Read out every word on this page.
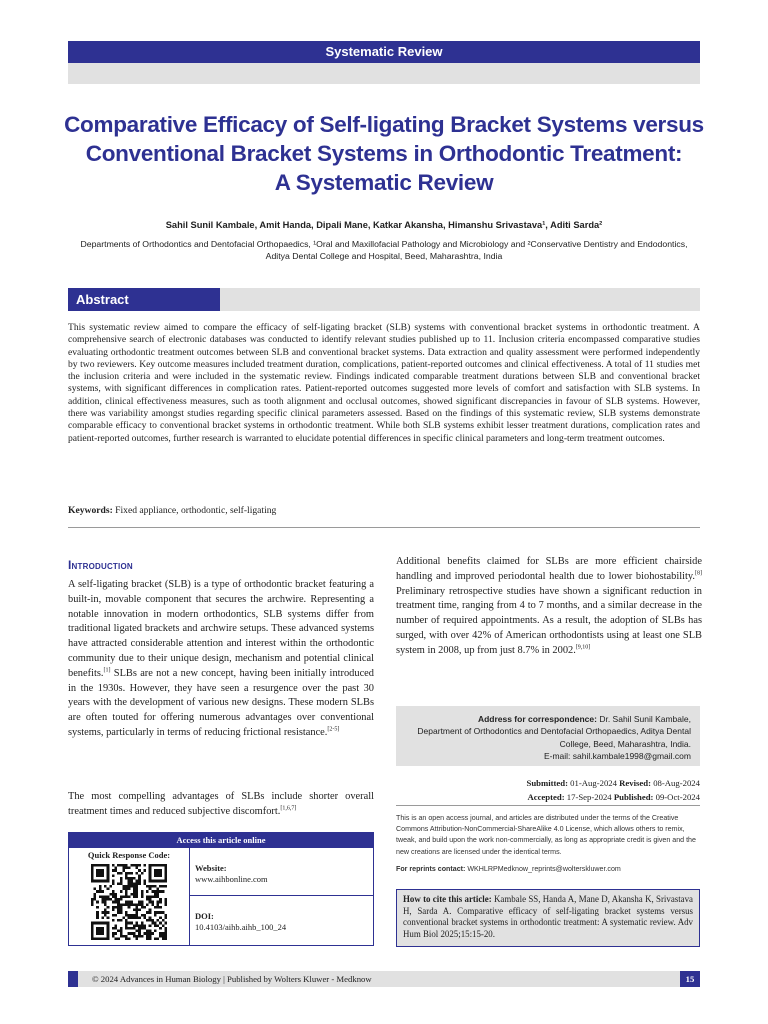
Systematic Review
Comparative Efficacy of Self-ligating Bracket Systems versus
Conventional Bracket Systems in Orthodontic Treatment:
A Systematic Review
Sahil Sunil Kambale, Amit Handa, Dipali Mane, Katkar Akansha, Himanshu Srivastava¹, Aditi Sarda²
Departments of Orthodontics and Dentofacial Orthopaedics, ¹Oral and Maxillofacial Pathology and Microbiology and ²Conservative Dentistry and Endodontics, Aditya Dental College and Hospital, Beed, Maharashtra, India
Abstract
This systematic review aimed to compare the efficacy of self-ligating bracket (SLB) systems with conventional bracket systems in orthodontic treatment. A comprehensive search of electronic databases was conducted to identify relevant studies published up to 11. Inclusion criteria encompassed comparative studies evaluating orthodontic treatment outcomes between SLB and conventional bracket systems. Data extraction and quality assessment were performed independently by two reviewers. Key outcome measures included treatment duration, complications, patient-reported outcomes and clinical effectiveness. A total of 11 studies met the inclusion criteria and were included in the systematic review. Findings indicated comparable treatment durations between SLB and conventional bracket systems, with significant differences in complication rates. Patient-reported outcomes suggested more levels of comfort and satisfaction with SLB systems. In addition, clinical effectiveness measures, such as tooth alignment and occlusal outcomes, showed significant discrepancies in favour of SLB systems. However, there was variability amongst studies regarding specific clinical parameters assessed. Based on the findings of this systematic review, SLB systems demonstrate comparable efficacy to conventional bracket systems in orthodontic treatment. While both SLB systems exhibit lesser treatment durations, complication rates and patient-reported outcomes, further research is warranted to elucidate potential differences in specific clinical parameters and long-term treatment outcomes.
Keywords: Fixed appliance, orthodontic, self-ligating
Introduction
A self-ligating bracket (SLB) is a type of orthodontic bracket featuring a built-in, movable component that secures the archwire. Representing a notable innovation in modern orthodontics, SLB systems differ from traditional ligated brackets and archwire setups. These advanced systems have attracted considerable attention and interest within the orthodontic community due to their unique design, mechanism and potential clinical benefits.[1] SLBs are not a new concept, having been initially introduced in the 1930s. However, they have seen a resurgence over the past 30 years with the development of various new designs. These modern SLBs are often touted for offering numerous advantages over conventional systems, particularly in terms of reducing frictional resistance.[2-5]
The most compelling advantages of SLBs include shorter overall treatment times and reduced subjective discomfort.[1,6,7]
Additional benefits claimed for SLBs are more efficient chairside handling and improved periodontal health due to lower biohostability.[8] Preliminary retrospective studies have shown a significant reduction in treatment time, ranging from 4 to 7 months, and a similar decrease in the number of required appointments. As a result, the adoption of SLBs has surged, with over 42% of American orthodontists using at least one SLB system in 2008, up from just 8.7% in 2002.[9,10]
Access this article online
Quick Response Code:
Website:
www.aihbonline.com
DOI:
10.4103/aihb.aihb_100_24
Address for correspondence: Dr. Sahil Sunil Kambale,
Department of Orthodontics and Dentofacial Orthopaedics, Aditya Dental
College, Beed, Maharashtra, India.
E-mail: sahil.kambale1998@gmail.com
Submitted: 01-Aug-2024 Revised: 08-Aug-2024
Accepted: 17-Sep-2024 Published: 09-Oct-2024
This is an open access journal, and articles are distributed under the terms of the Creative Commons Attribution-NonCommercial-ShareAlike 4.0 License, which allows others to remix, tweak, and build upon the work non-commercially, as long as appropriate credit is given and the new creations are licensed under the identical terms.
For reprints contact: WKHLRPMedknow_reprints@wolterskluwer.com
How to cite this article: Kambale SS, Handa A, Mane D, Akansha K, Srivastava H, Sarda A. Comparative efficacy of self-ligating bracket systems versus conventional bracket systems in orthodontic treatment: A systematic review. Adv Hum Biol 2025;15:15-20.
© 2024 Advances in Human Biology | Published by Wolters Kluwer - Medknow	15
